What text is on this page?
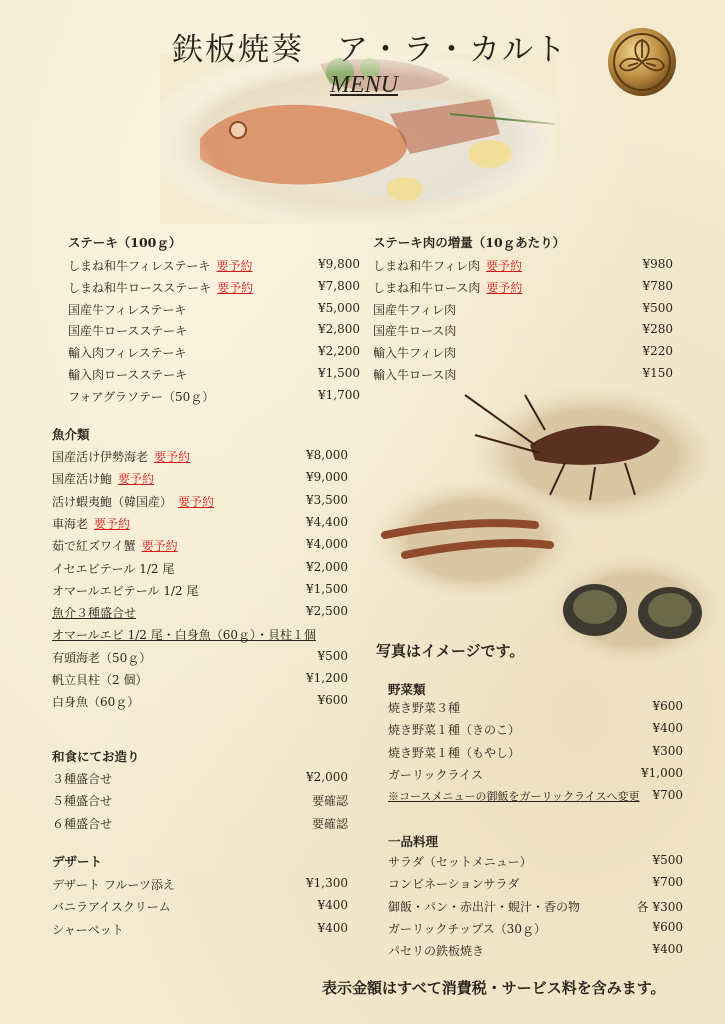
鉄板焼葵　ア・ラ・カルト
MENU
ステーキ（100ｇ）
しまね和牛フィレステーキ 要予約	¥9,800
しまね和牛ロースステーキ 要予約	¥7,800
国産牛フィレステーキ	¥5,000
国産牛ロースステーキ	¥2,800
輸入肉フィレステーキ	¥2,200
輸入肉ロースステーキ	¥1,500
フォアグラソテー（50ｇ）	¥1,700
ステーキ肉の増量（10ｇあたり）
しまね和牛フィレ肉 要予約	¥980
しまね和牛ロース肉 要予約	¥780
国産牛フィレ肉	¥500
国産牛ロース肉	¥280
輸入牛フィレ肉	¥220
輸入牛ロース肉	¥150
魚介類
国産活け伊勢海老 要予約	¥8,000
国産活け鮑 要予約	¥9,000
活け蝦夷鮑（韓国産） 要予約	¥3,500
車海老 要予約	¥4,400
茹で紅ズワイ蟹 要予約	¥4,000
イセエビテール 1/2 尾	¥2,000
オマールエビテール 1/2 尾	¥1,500
魚介３種盛合せ	¥2,500
オマールエビ 1/2 尾・白身魚（60ｇ）・貝柱１個
有頭海老（50ｇ）	¥500
帆立貝柱（2 個）	¥1,200
白身魚（60ｇ）	¥600
和食にてお造り
３種盛合せ	¥2,000
５種盛合せ	要確認
６種盛合せ	要確認
デザート
デザート フルーツ添え	¥1,300
バニラアイスクリーム	¥400
シャーベット	¥400
写真はイメージです。
野菜類
焼き野菜３種	¥600
焼き野菜１種（きのこ）	¥400
焼き野菜１種（もやし）	¥300
ガーリックライス	¥1,000
※コースメニューの御飯をガーリックライスへ変更 ¥700
一品料理
サラダ（セットメニュー）	¥500
コンビネーションサラダ	¥700
御飯・パン・赤出汁・蜆汁・香の物	各 ¥300
ガーリックチップス（30ｇ）	¥600
パセリの鉄板焼き	¥400
表示金額はすべて消費税・サービス料を含みます。
